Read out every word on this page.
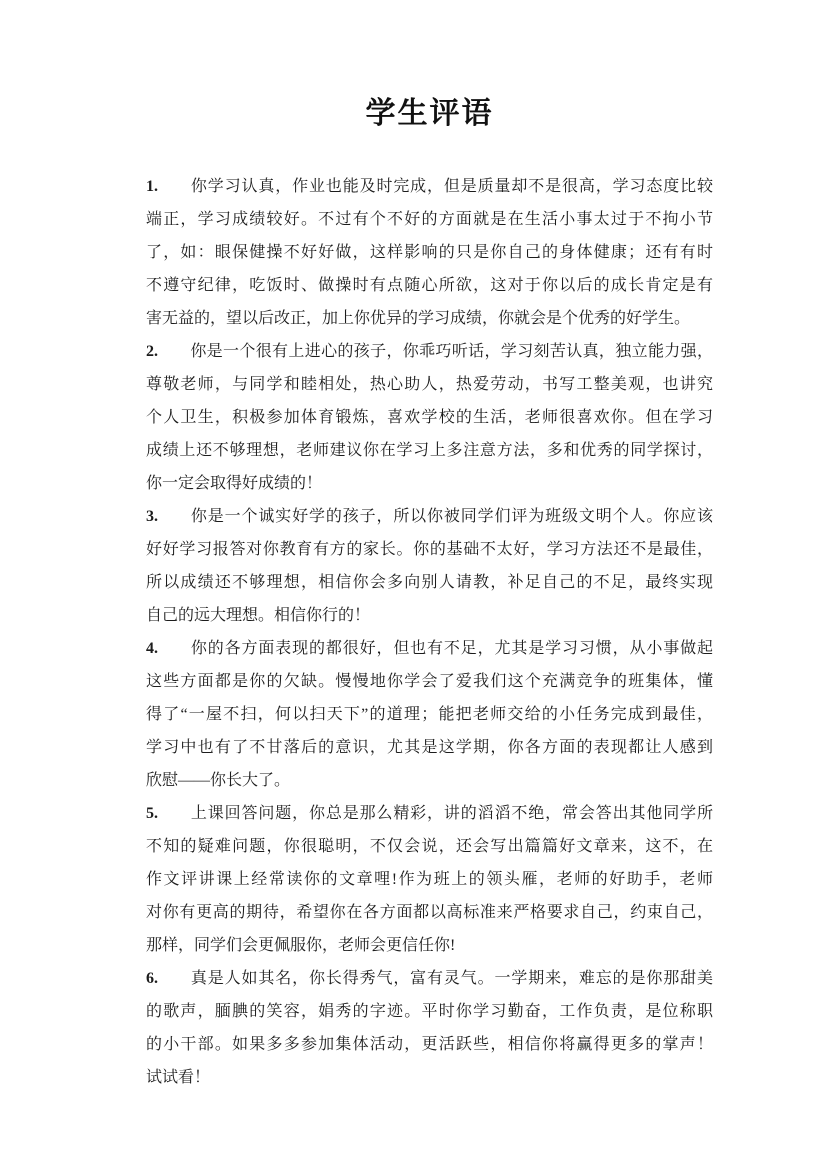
学生评语
1. 你学习认真，作业也能及时完成，但是质量却不是很高，学习态度比较
端正，学习成绩较好。不过有个不好的方面就是在生活小事太过于不拘小节
了，如：眼保健操不好好做，这样影响的只是你自己的身体健康；还有有时
不遵守纪律，吃饭时、做操时有点随心所欲，这对于你以后的成长肯定是有
害无益的，望以后改正，加上你优异的学习成绩，你就会是个优秀的好学生。
2. 你是一个很有上进心的孩子，你乖巧听话，学习刻苦认真，独立能力强，
尊敬老师，与同学和睦相处，热心助人，热爱劳动，书写工整美观，也讲究
个人卫生，积极参加体育锻炼，喜欢学校的生活，老师很喜欢你。但在学习
成绩上还不够理想，老师建议你在学习上多注意方法，多和优秀的同学探讨，
你一定会取得好成绩的！
3. 你是一个诚实好学的孩子，所以你被同学们评为班级文明个人。你应该
好好学习报答对你教育有方的家长。你的基础不太好，学习方法还不是最佳，
所以成绩还不够理想，相信你会多向别人请教，补足自己的不足，最终实现
自己的远大理想。相信你行的！
4. 你的各方面表现的都很好，但也有不足，尤其是学习习惯，从小事做起
这些方面都是你的欠缺。慢慢地你学会了爱我们这个充满竞争的班集体，懂
得了“一屋不扫，何以扫天下”的道理；能把老师交给的小任务完成到最佳，
学习中也有了不甘落后的意识，尤其是这学期，你各方面的表现都让人感到
欣慰——你长大了。
5. 上课回答问题，你总是那么精彩，讲的滔滔不绝，常会答出其他同学所
不知的疑难问题，你很聪明，不仅会说，还会写出篇篇好文章来，这不，在
作文评讲课上经常读你的文章哩!作为班上的领头雁，老师的好助手，老师
对你有更高的期待，希望你在各方面都以高标准来严格要求自己，约束自己，
那样，同学们会更佩服你，老师会更信任你!
6. 真是人如其名，你长得秀气，富有灵气。一学期来，难忘的是你那甜美
的歌声，腼腆的笑容，娟秀的字迹。平时你学习勤奋，工作负责，是位称职
的小干部。如果多多参加集体活动，更活跃些，相信你将赢得更多的掌声！
试试看！
